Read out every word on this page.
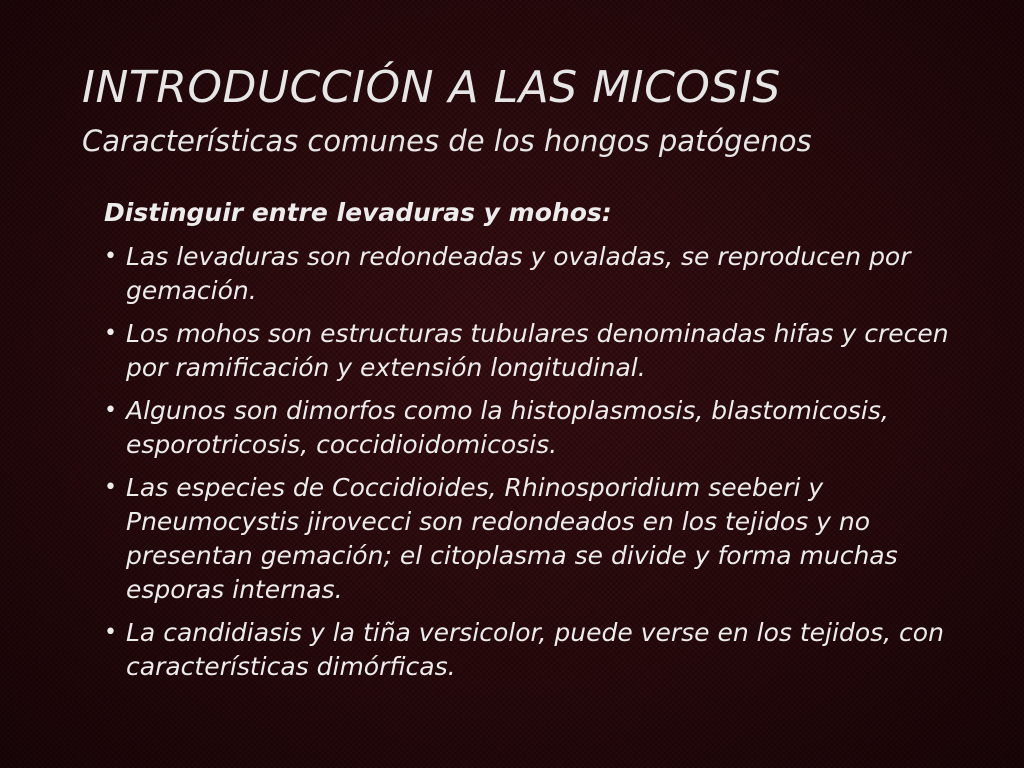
INTRODUCCIÓN A LAS MICOSIS
Características comunes de los hongos patógenos

Distinguir entre levaduras y mohos:

• Las levaduras son redondeadas y ovaladas, se reproducen por gemación.
• Los mohos son estructuras tubulares denominadas hifas y crecen por ramificación y extensión longitudinal.
• Algunos son dimorfos como la histoplasmosis, blastomicosis, esporotricosis, coccidioidomicosis.
• Las especies de Coccidioides, Rhinosporidium seeberi y Pneumocystis jirovecci son redondeados en los tejidos y no presentan gemación; el citoplasma se divide y forma muchas esporas internas.
• La candidiasis y la tiña versicolor, puede verse en los tejidos, con características dimórficas.
